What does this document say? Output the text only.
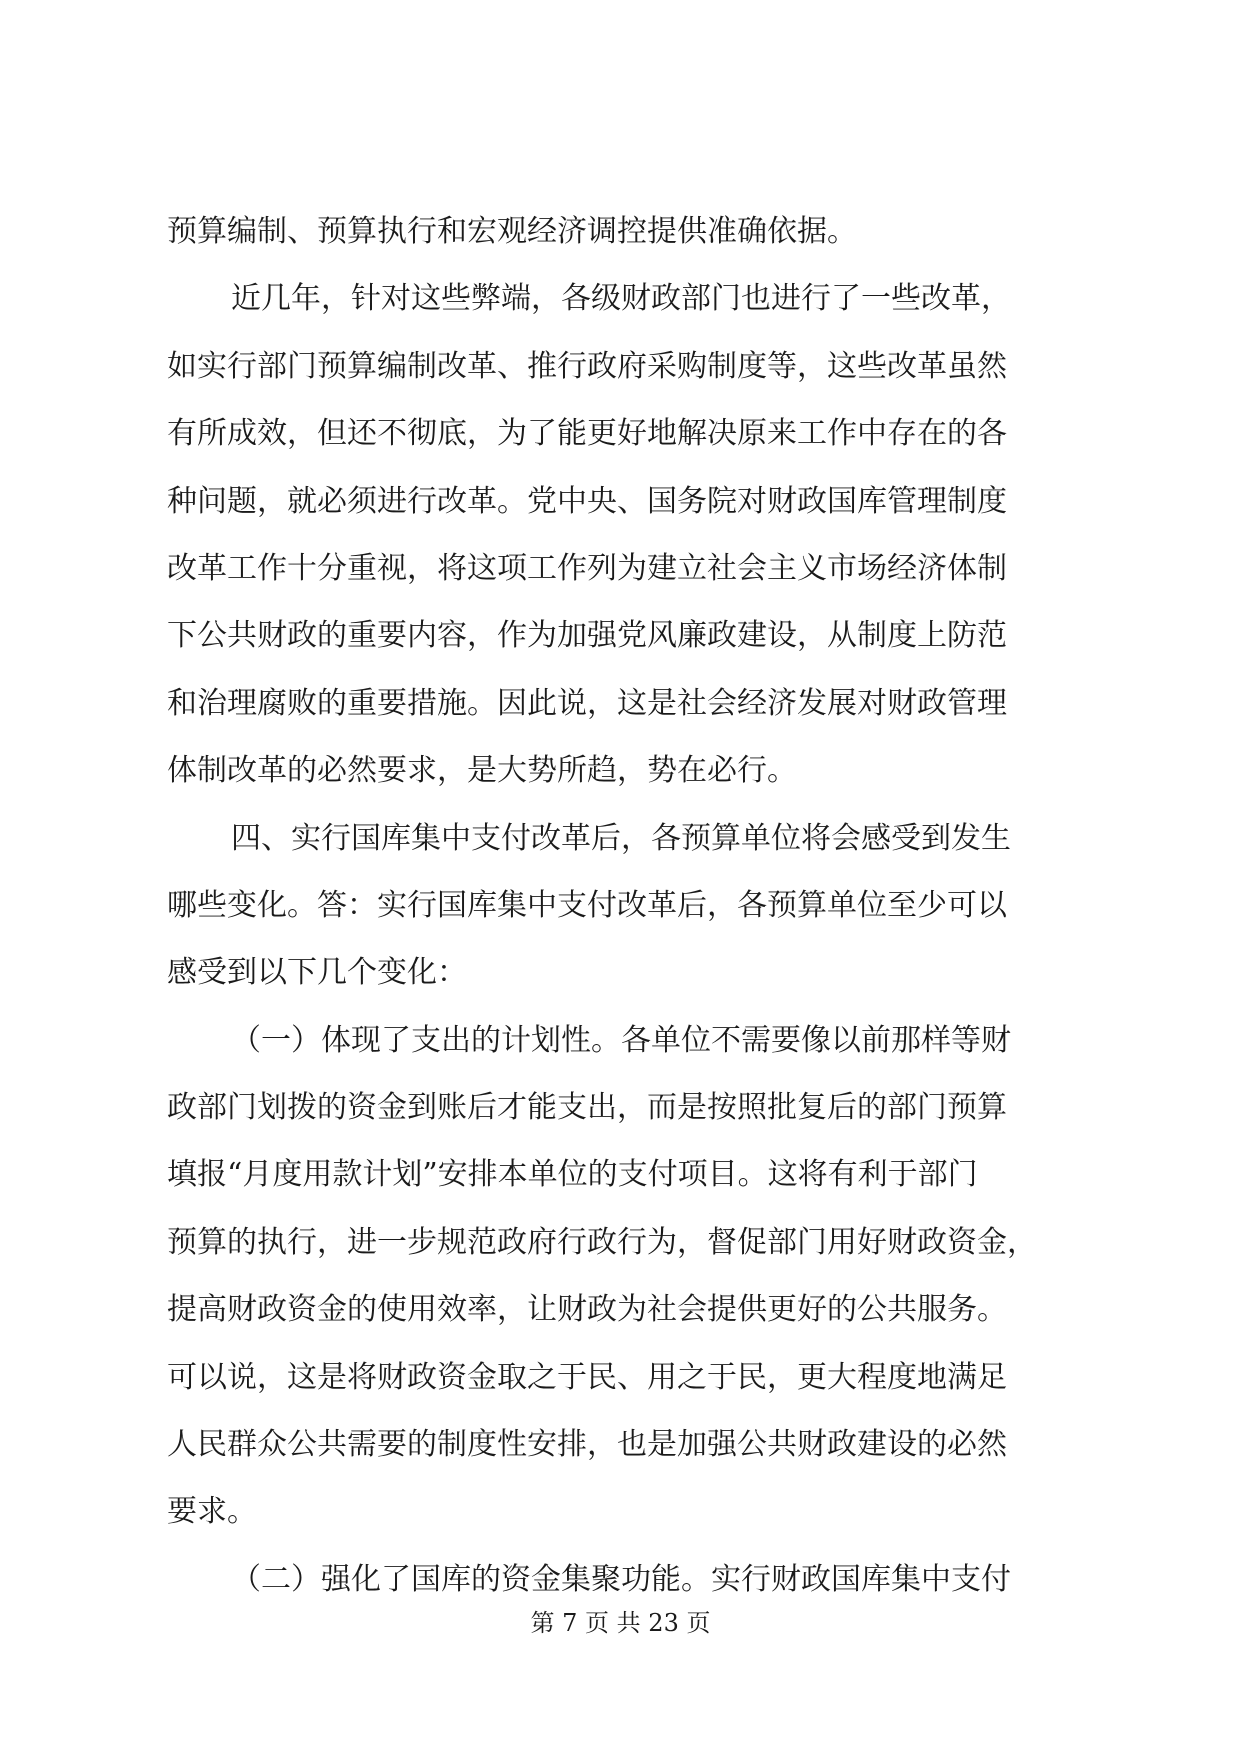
预算编制、预算执行和宏观经济调控提供准确依据。
近几年，针对这些弊端，各级财政部门也进行了一些改革，
如实行部门预算编制改革、推行政府采购制度等，这些改革虽然
有所成效，但还不彻底，为了能更好地解决原来工作中存在的各
种问题，就必须进行改革。党中央、国务院对财政国库管理制度
改革工作十分重视，将这项工作列为建立社会主义市场经济体制
下公共财政的重要内容，作为加强党风廉政建设，从制度上防范
和治理腐败的重要措施。因此说，这是社会经济发展对财政管理
体制改革的必然要求，是大势所趋，势在必行。
四、实行国库集中支付改革后，各预算单位将会感受到发生
哪些变化。答：实行国库集中支付改革后，各预算单位至少可以
感受到以下几个变化：
（一）体现了支出的计划性。各单位不需要像以前那样等财
政部门划拨的资金到账后才能支出，而是按照批复后的部门预算
填报“月度用款计划”安排本单位的支付项目。这将有利于部门
预算的执行，进一步规范政府行政行为，督促部门用好财政资金，
提高财政资金的使用效率，让财政为社会提供更好的公共服务。
可以说，这是将财政资金取之于民、用之于民，更大程度地满足
人民群众公共需要的制度性安排，也是加强公共财政建设的必然
要求。
（二）强化了国库的资金集聚功能。实行财政国库集中支付
第 7 页 共 23 页
